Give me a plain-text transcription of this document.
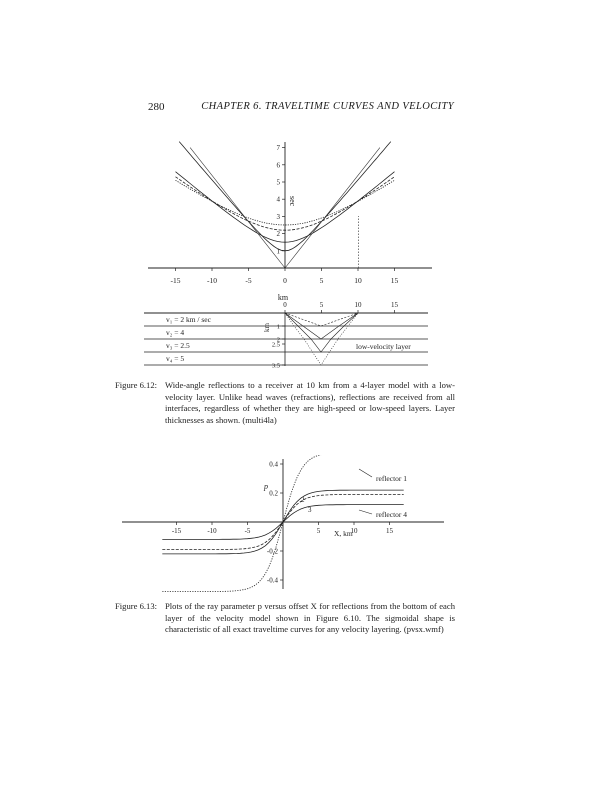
280	CHAPTER 6. TRAVELTIME CURVES AND VELOCITY
-15	-10	-5	0	5	10	15
1
2
3
4
5
6
7
sec
km
0	5	10	15
1
2
2.5
3.5
v₁ = 2 km / sec
v₂ = 4
v₃ = 2.5
v₄ = 5
km
low-velocity layer
Figure 6.12: Wide-angle reflections to a receiver at 10 km from a 4-layer model with a low-velocity layer. Unlike head waves (refractions), reflections are received from all interfaces, regardless of whether they are high-speed or low-speed layers. Layer thicknesses as shown. (multi4la)
-15	-10	-5	5	10	15
0.4
0.2
-0.2
-0.4
p
X, km
2
3
reflector 1
reflector 4
Figure 6.13: Plots of the ray parameter p versus offset X for reflections from the bottom of each layer of the velocity model shown in Figure 6.10. The sigmoidal shape is characteristic of all exact traveltime curves for any velocity layering. (pvsx.wmf)
